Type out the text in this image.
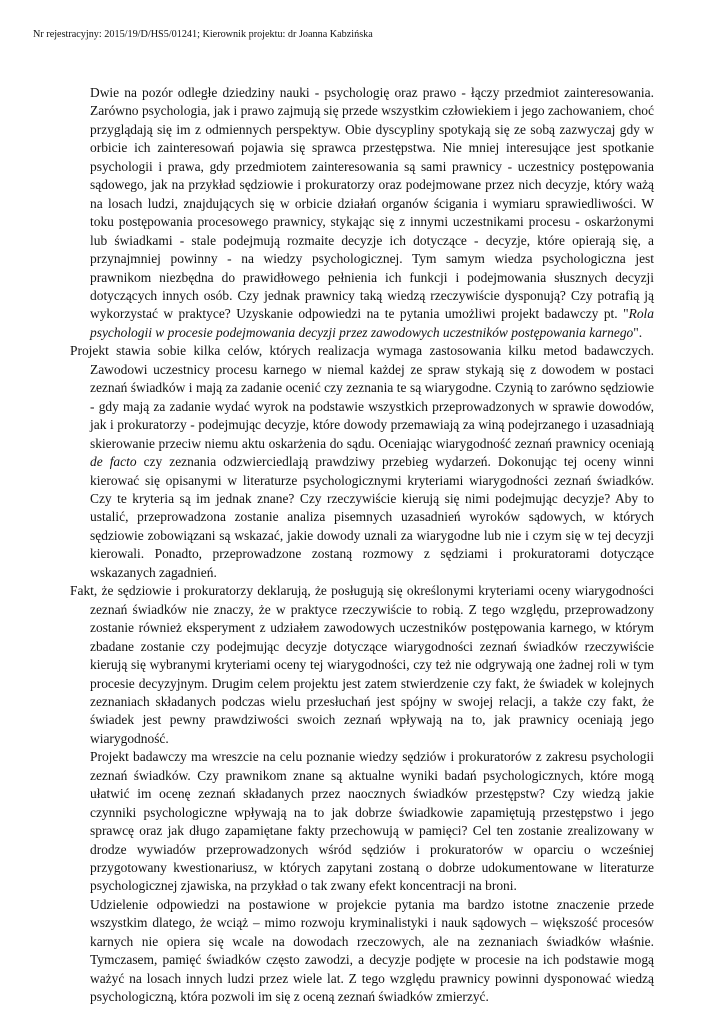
Nr rejestracyjny: 2015/19/D/HS5/01241; Kierownik projektu: dr Joanna Kabzińska

Dwie na pozór odległe dziedziny nauki - psychologię oraz prawo - łączy przedmiot zainteresowania. Zarówno psychologia, jak i prawo zajmują się przede wszystkim człowiekiem i jego zachowaniem, choć przyglądają się im z odmiennych perspektyw. Obie dyscypliny spotykają się ze sobą zazwyczaj gdy w orbicie ich zainteresowań pojawia się sprawca przestępstwa. Nie mniej interesujące jest spotkanie psychologii i prawa, gdy przedmiotem zainteresowania są sami prawnicy - uczestnicy postępowania sądowego, jak na przykład sędziowie i prokuratorzy oraz podejmowane przez nich decyzje, który ważą na losach ludzi, znajdujących się w orbicie działań organów ścigania i wymiaru sprawiedliwości. W toku postępowania procesowego prawnicy, stykając się z innymi uczestnikami procesu - oskarżonymi lub świadkami - stale podejmują rozmaite decyzje ich dotyczące - decyzje, które opierają się, a przynajmniej powinny - na wiedzy psychologicznej. Tym samym wiedza psychologiczna jest prawnikom niezbędna do prawidłowego pełnienia ich funkcji i podejmowania słusznych decyzji dotyczących innych osób. Czy jednak prawnicy taką wiedzą rzeczywiście dysponują? Czy potrafią ją wykorzystać w praktyce? Uzyskanie odpowiedzi na te pytania umożliwi projekt badawczy pt. "Rola psychologii w procesie podejmowania decyzji przez zawodowych uczestników postępowania karnego".

Projekt stawia sobie kilka celów, których realizacja wymaga zastosowania kilku metod badawczych. Zawodowi uczestnicy procesu karnego w niemal każdej ze spraw stykają się z dowodem w postaci zeznań świadków i mają za zadanie ocenić czy zeznania te są wiarygodne. Czynią to zarówno sędziowie - gdy mają za zadanie wydać wyrok na podstawie wszystkich przeprowadzonych w sprawie dowodów, jak i prokuratorzy - podejmując decyzje, które dowody przemawiają za winą podejrzanego i uzasadniają skierowanie przeciw niemu aktu oskarżenia do sądu. Oceniając wiarygodność zeznań prawnicy oceniają de facto czy zeznania odzwierciedlają prawdziwy przebieg wydarzeń. Dokonując tej oceny winni kierować się opisanymi w literaturze psychologicznymi kryteriami wiarygodności zeznań świadków. Czy te kryteria są im jednak znane? Czy rzeczywiście kierują się nimi podejmując decyzje? Aby to ustalić, przeprowadzona zostanie analiza pisemnych uzasadnień wyroków sądowych, w których sędziowie zobowiązani są wskazać, jakie dowody uznali za wiarygodne lub nie i czym się w tej decyzji kierowali. Ponadto, przeprowadzone zostaną rozmowy z sędziami i prokuratorami dotyczące wskazanych zagadnień.

Fakt, że sędziowie i prokuratorzy deklarują, że posługują się określonymi kryteriami oceny wiarygodności zeznań świadków nie znaczy, że w praktyce rzeczywiście to robią. Z tego względu, przeprowadzony zostanie również eksperyment z udziałem zawodowych uczestników postępowania karnego, w którym zbadane zostanie czy podejmując decyzje dotyczące wiarygodności zeznań świadków rzeczywiście kierują się wybranymi kryteriami oceny tej wiarygodności, czy też nie odgrywają one żadnej roli w tym procesie decyzyjnym. Drugim celem projektu jest zatem stwierdzenie czy fakt, że świadek w kolejnych zeznaniach składanych podczas wielu przesłuchań jest spójny w swojej relacji, a także czy fakt, że świadek jest pewny prawdziwości swoich zeznań wpływają na to, jak prawnicy oceniają jego wiarygodność.

Projekt badawczy ma wreszcie na celu poznanie wiedzy sędziów i prokuratorów z zakresu psychologii zeznań świadków. Czy prawnikom znane są aktualne wyniki badań psychologicznych, które mogą ułatwić im ocenę zeznań składanych przez naocznych świadków przestępstw? Czy wiedzą jakie czynniki psychologiczne wpływają na to jak dobrze świadkowie zapamiętują przestępstwo i jego sprawcę oraz jak długo zapamiętane fakty przechowują w pamięci? Cel ten zostanie zrealizowany w drodze wywiadów przeprowadzonych wśród sędziów i prokuratorów w oparciu o wcześniej przygotowany kwestionariusz, w których zapytani zostaną o dobrze udokumentowane w literaturze psychologicznej zjawiska, na przykład o tak zwany efekt koncentracji na broni.

Udzielenie odpowiedzi na postawione w projekcie pytania ma bardzo istotne znaczenie przede wszystkim dlatego, że wciąż – mimo rozwoju kryminalistyki i nauk sądowych – większość procesów karnych nie opiera się wcale na dowodach rzeczowych, ale na zeznaniach świadków właśnie. Tymczasem, pamięć świadków często zawodzi, a decyzje podjęte w procesie na ich podstawie mogą ważyć na losach innych ludzi przez wiele lat. Z tego względu prawnicy powinni dysponować wiedzą psychologiczną, która pozwoli im się z oceną zeznań świadków zmierzyć.
